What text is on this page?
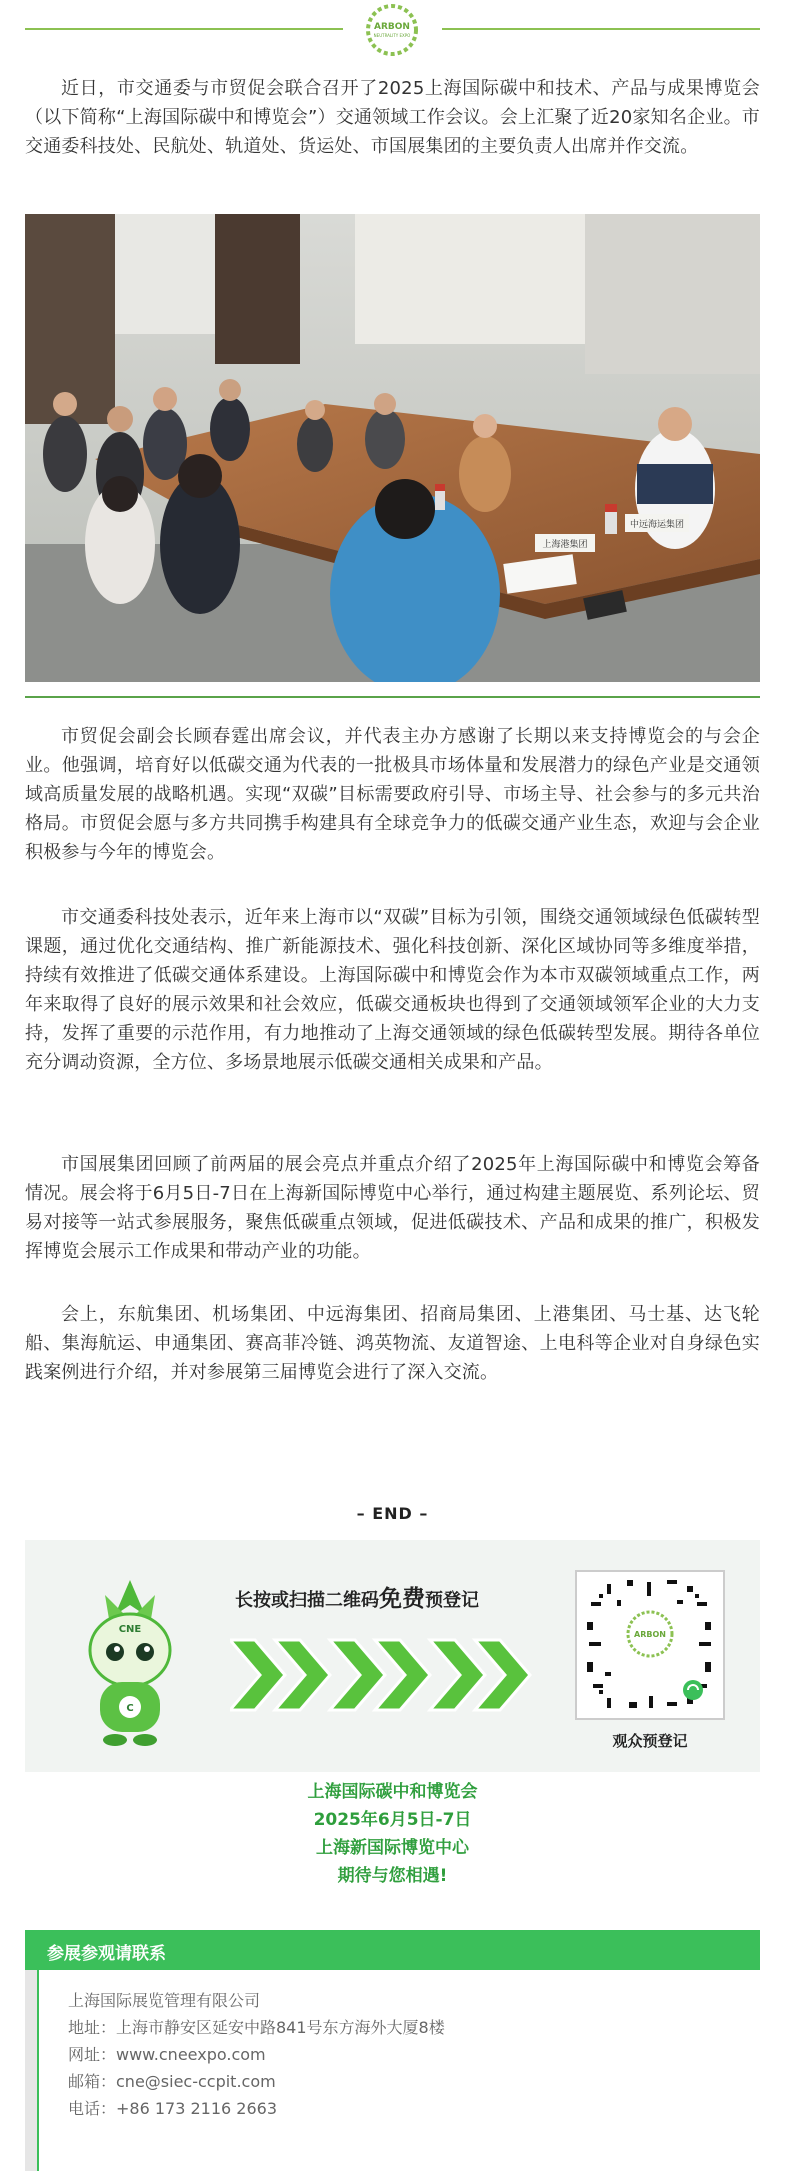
ARBON
NEUTRALITY EXPO

近日，市交通委与市贸促会联合召开了2025上海国际碳中和技术、产品与成果博览会（以下简称“上海国际碳中和博览会”）交通领域工作会议。会上汇聚了近20家知名企业。市交通委科技处、民航处、轨道处、货运处、市国展集团的主要负责人出席并作交流。

上海港集团
中远海运集团

市贸促会副会长顾春霆出席会议，并代表主办方感谢了长期以来支持博览会的与会企业。他强调，培育好以低碳交通为代表的一批极具市场体量和发展潜力的绿色产业是交通领域高质量发展的战略机遇。实现“双碳”目标需要政府引导、市场主导、社会参与的多元共治格局。市贸促会愿与多方共同携手构建具有全球竞争力的低碳交通产业生态，欢迎与会企业积极参与今年的博览会。

市交通委科技处表示，近年来上海市以“双碳”目标为引领，围绕交通领域绿色低碳转型课题，通过优化交通结构、推广新能源技术、强化科技创新、深化区域协同等多维度举措，持续有效推进了低碳交通体系建设。上海国际碳中和博览会作为本市双碳领域重点工作，两年来取得了良好的展示效果和社会效应，低碳交通板块也得到了交通领域领军企业的大力支持，发挥了重要的示范作用，有力地推动了上海交通领域的绿色低碳转型发展。期待各单位充分调动资源，全方位、多场景地展示低碳交通相关成果和产品。

市国展集团回顾了前两届的展会亮点并重点介绍了2025年上海国际碳中和博览会筹备情况。展会将于6月5日-7日在上海新国际博览中心举行，通过构建主题展览、系列论坛、贸易对接等一站式参展服务，聚焦低碳重点领域，促进低碳技术、产品和成果的推广，积极发挥博览会展示工作成果和带动产业的功能。

会上，东航集团、机场集团、中远海集团、招商局集团、上港集团、马士基、达飞轮船、集海航运、申通集团、赛高菲冷链、鸿英物流、友道智途、上电科等企业对自身绿色实践案例进行介绍，并对参展第三届博览会进行了深入交流。

– END –
CNE
C
长按或扫描二维码免费预登记
ARBON
观众预登记
上海国际碳中和博览会
2025年6月5日-7日
上海新国际博览中心
期待与您相遇!
参展参观请联系
上海国际展览管理有限公司
地址：上海市静安区延安中路841号东方海外大厦8楼
网址：www.cneexpo.com
邮箱：cne@siec-ccpit.com
电话：+86 173 2116 2663
